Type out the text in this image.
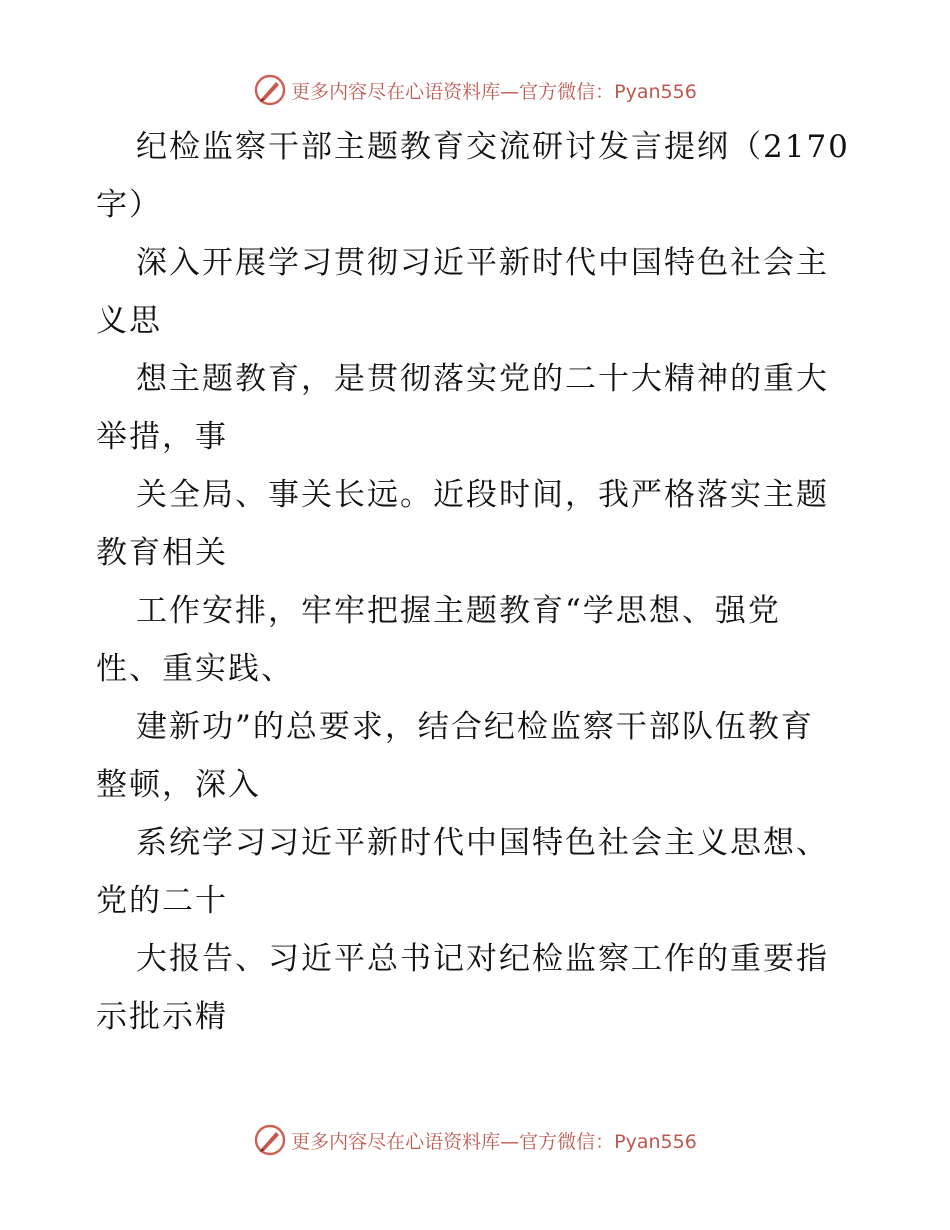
更多内容尽在心语资料库—官方微信：Pyan556
纪检监察干部主题教育交流研讨发言提纲（2170
字）
深入开展学习贯彻习近平新时代中国特色社会主
义思
想主题教育，是贯彻落实党的二十大精神的重大
举措，事
关全局、事关长远。近段时间，我严格落实主题
教育相关
工作安排，牢牢把握主题教育“学思想、强党
性、重实践、
建新功”的总要求，结合纪检监察干部队伍教育
整顿，深入
系统学习习近平新时代中国特色社会主义思想、
党的二十
大报告、习近平总书记对纪检监察工作的重要指
示批示精
更多内容尽在心语资料库—官方微信：Pyan556
